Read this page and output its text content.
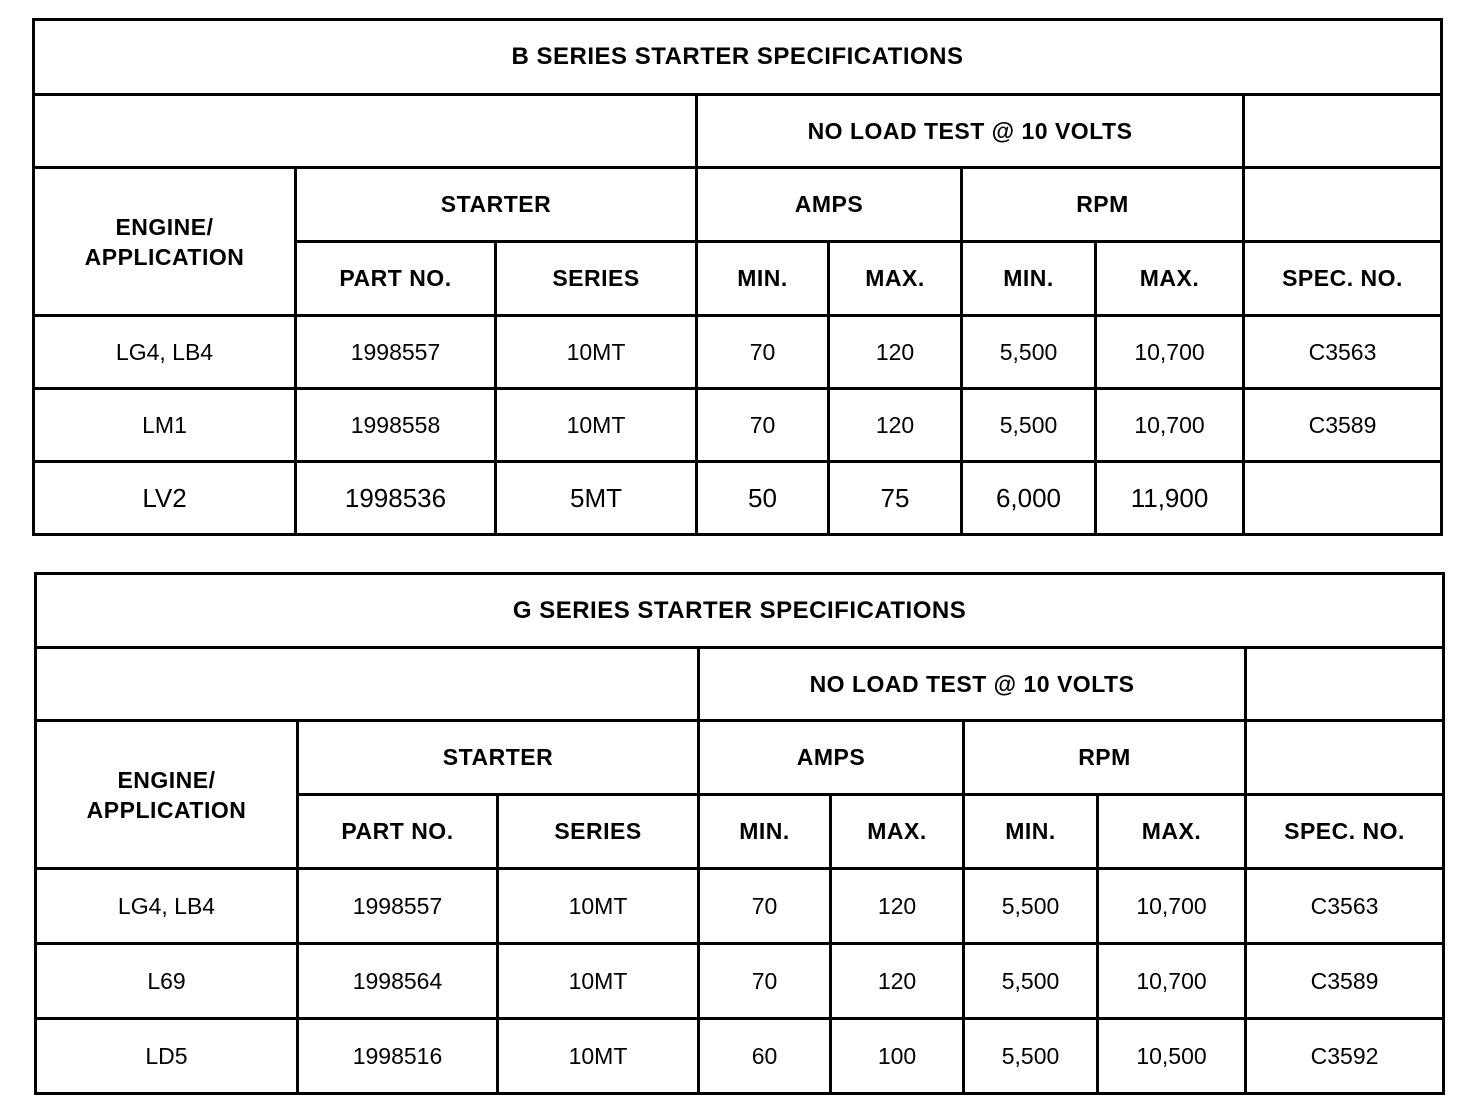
B SERIES STARTER SPECIFICATIONS							
			NO LOAD TEST @ 10 VOLTS				

ENGINE/
APPLICATION	STARTER		AMPS		RPM		
	PART NO.	SERIES	MIN.	MAX.	MIN.	MAX.	SPEC. NO.
LG4, LB4	1998557	10MT	70	120	5,500	10,700	C3563
LM1	1998558	10MT	70	120	5,500	10,700	C3589
LV2	1998536	5MT	50	75	6,000	11,900	
G SERIES STARTER SPECIFICATIONS							
			NO LOAD TEST @ 10 VOLTS				

ENGINE/
APPLICATION	STARTER		AMPS		RPM		
	PART NO.	SERIES	MIN.	MAX.	MIN.	MAX.	SPEC. NO.
LG4, LB4	1998557	10MT	70	120	5,500	10,700	C3563
L69	1998564	10MT	70	120	5,500	10,700	C3589
LD5	1998516	10MT	60	100	5,500	10,500	C3592
